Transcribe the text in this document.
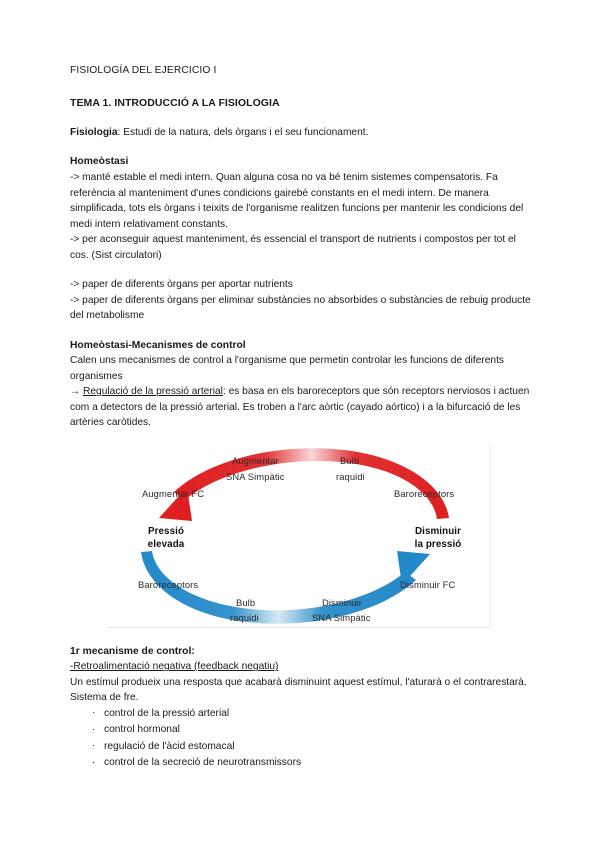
FISIOLOGÍA DEL EJERCICIO I

TEMA 1. INTRODUCCIÓ A LA FISIOLOGIA

Fisiologia: Estudi de la natura, dels òrgans i el seu funcionament.

Homeòstasi

-> manté estable el medi intern. Quan alguna cosa no va bé tenim sistemes compensatoris. Fa referència al manteniment d'unes condicions gairebé constants en el medi intern. De manera simplificada, tots els òrgans i teixits de l'organisme realitzen funcions per mantenir les condicions del medi intern relativament constants.

-> per aconseguir aquest manteniment, és essencial el transport de nutrients i compostos per tot el cos. (Sist circulatori)

-> paper de diferents òrgans per aportar nutrients

-> paper de diferents òrgans per eliminar substàncies no absorbides o substàncies de rebuig producte del metabolisme

Homeòstasi-Mecanismes de control

Calen uns mecanismes de control a l'organisme que permetin controlar les funcions de diferents organismes

→ Regulació de la pressió arterial: es basa en els baroreceptors que són receptors nerviosos i actuen com a detectors de la pressió arterial. Es troben a l'arc aòrtic (cayado aórtico) i a la bifurcació de les artèries caròtides.

Pressió
elevada
Disminuir
la pressió
Augmentar
SNA Simpàtic
Bulb
raquidi
Augmentar FC	Baroreceptors
Baroreceptors
Bulb
raquidi
Disminuir
SNA Simpàtic
Disminuir FC

1r mecanisme de control:

-Retroalimentació negativa (feedback negatiu)

Un estímul produeix una resposta que acabarà disminuint aquest estímul, l'aturarà o el contrarestarà. Sistema de fre.

· control de la pressió arterial
· control hormonal
· regulació de l'àcid estomacal
· control de la secreció de neurotransmissors
